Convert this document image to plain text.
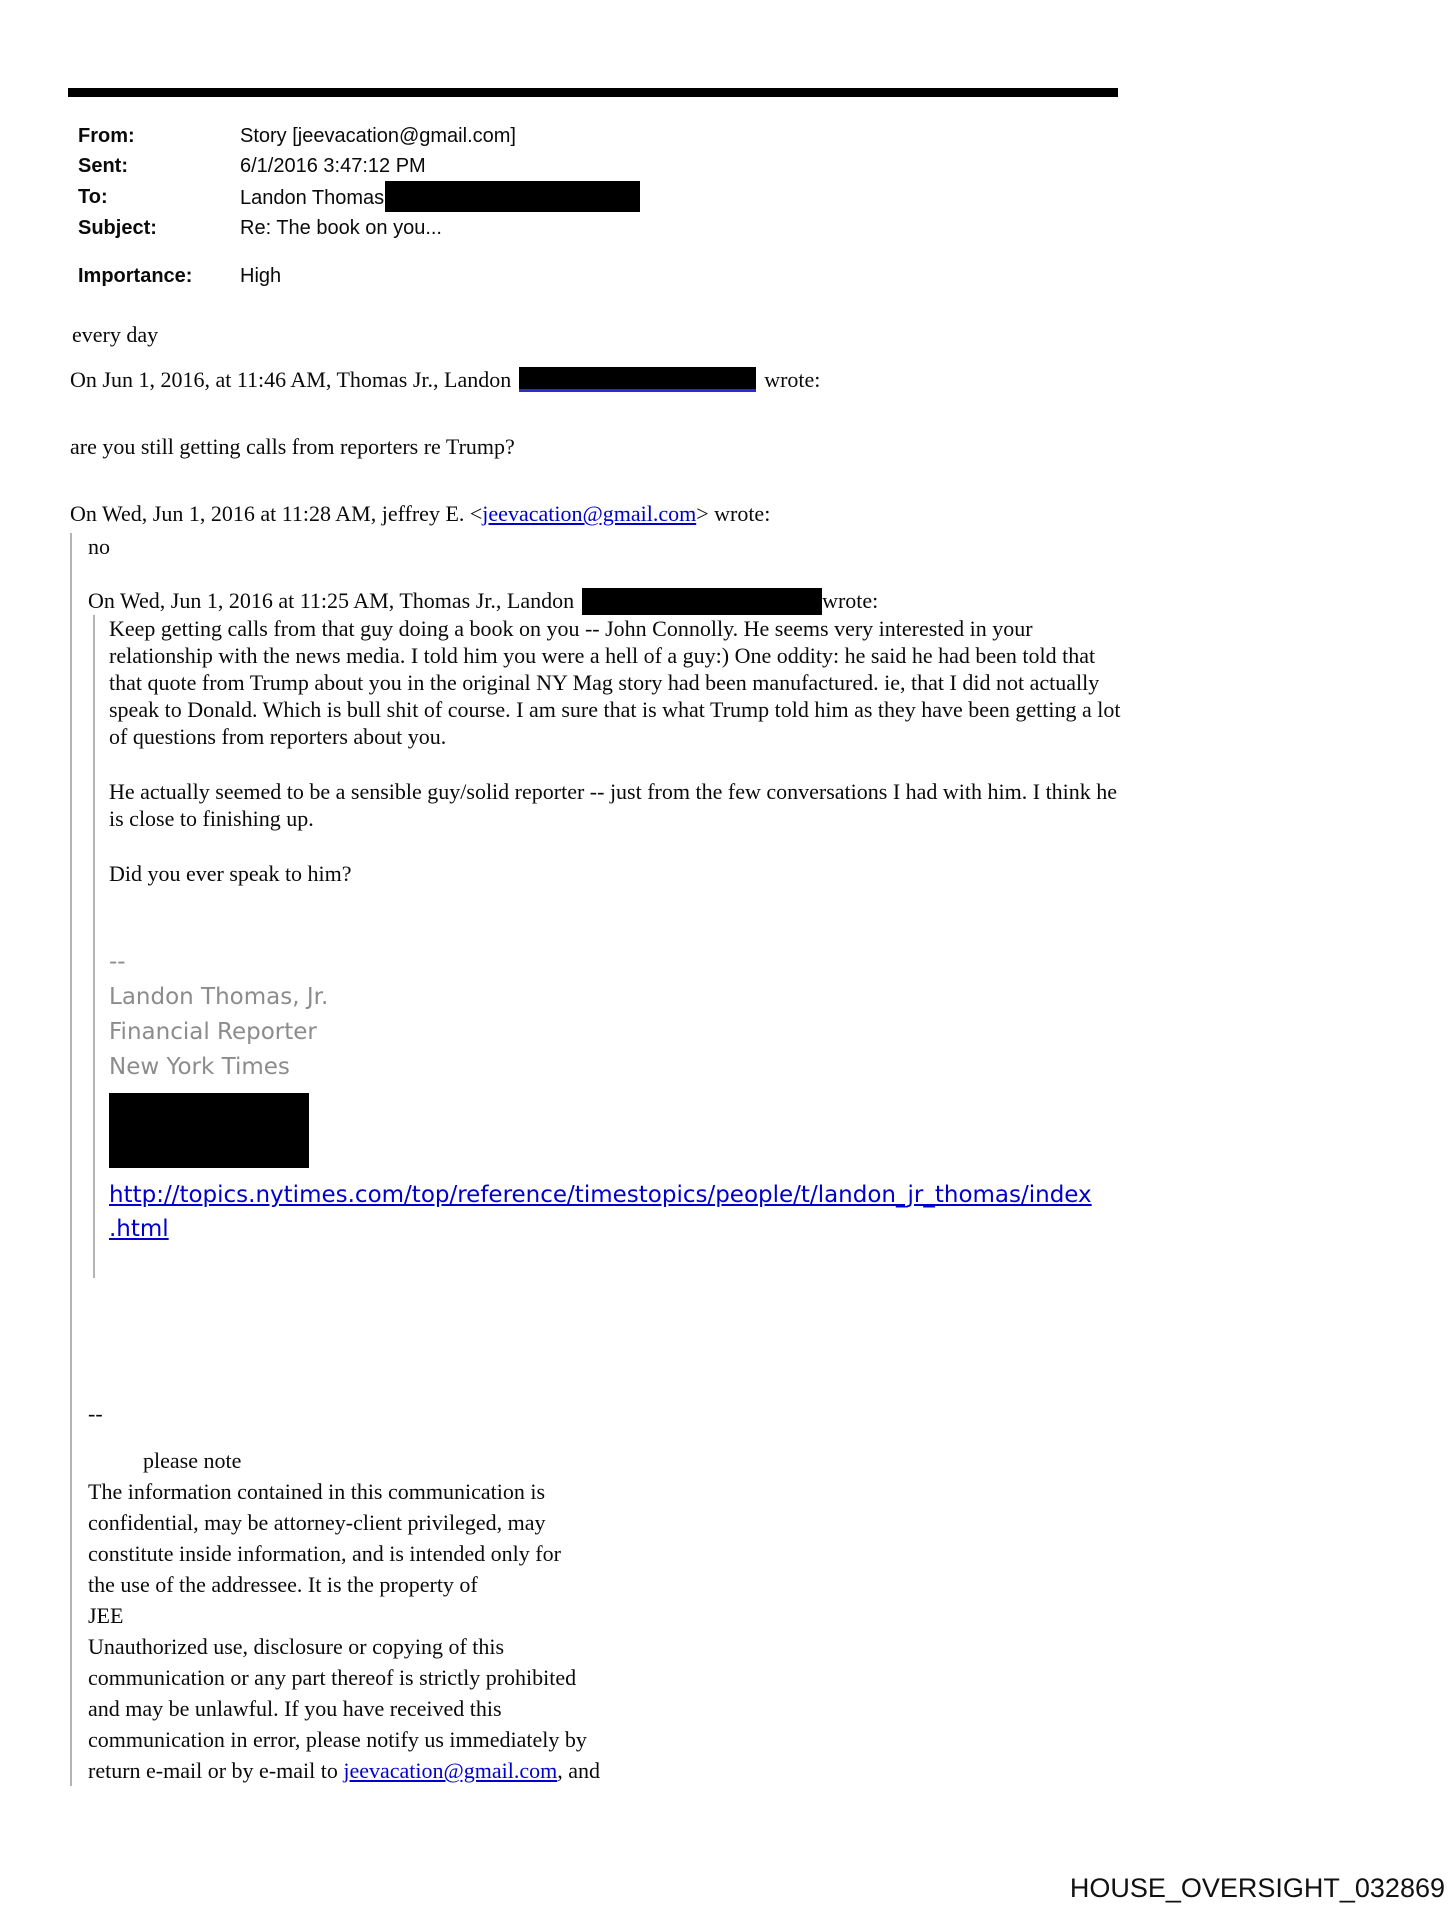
From:	Story [jeevacation@gmail.com]
Sent:	6/1/2016 3:47:12 PM
To:	Landon Thomas
Subject:	Re: The book on you...
Importance:	High

every day

On Jun 1, 2016, at 11:46 AM, Thomas Jr., Landon	wrote:

are you still getting calls from reporters re Trump?

On Wed, Jun 1, 2016 at 11:28 AM, jeffrey E. <jeevacation@gmail.com> wrote:

no

On Wed, Jun 1, 2016 at 11:25 AM, Thomas Jr., Landon	wrote:

Keep getting calls from that guy doing a book on you -- John Connolly. He seems very interested in your relationship with the news media. I told him you were a hell of a guy:) One oddity: he said he had been told that that quote from Trump about you in the original NY Mag story had been manufactured. ie, that I did not actually speak to Donald. Which is bull shit of course. I am sure that is what Trump told him as they have been getting a lot of questions from reporters about you.

He actually seemed to be a sensible guy/solid reporter -- just from the few conversations I had with him. I think he is close to finishing up.

Did you ever speak to him?

--
Landon Thomas, Jr.
Financial Reporter
New York Times
http://topics.nytimes.com/top/reference/timestopics/people/t/landon_jr_thomas/index
.html
--
please note
The information contained in this communication is
confidential, may be attorney-client privileged, may
constitute inside information, and is intended only for
the use of the addressee. It is the property of
JEE
Unauthorized use, disclosure or copying of this
communication or any part thereof is strictly prohibited
and may be unlawful. If you have received this
communication in error, please notify us immediately by
return e-mail or by e-mail to jeevacation@gmail.com, and
HOUSE_OVERSIGHT_032869
